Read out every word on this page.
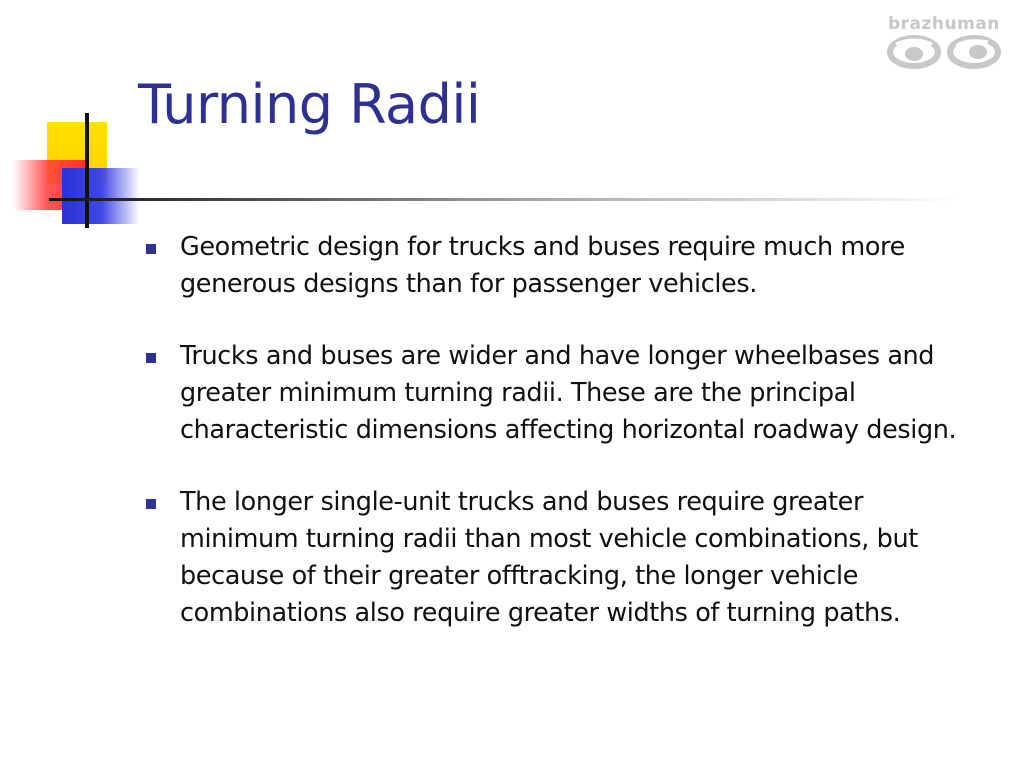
Turning Radii
brazhuman
Geometric design for trucks and buses require much more generous designs than for passenger vehicles.
Trucks and buses are wider and have longer wheelbases and greater minimum turning radii. These are the principal characteristic dimensions affecting horizontal roadway design.
The longer single-unit trucks and buses require greater minimum turning radii than most vehicle combinations, but because of their greater offtracking, the longer vehicle combinations also require greater widths of turning paths.
